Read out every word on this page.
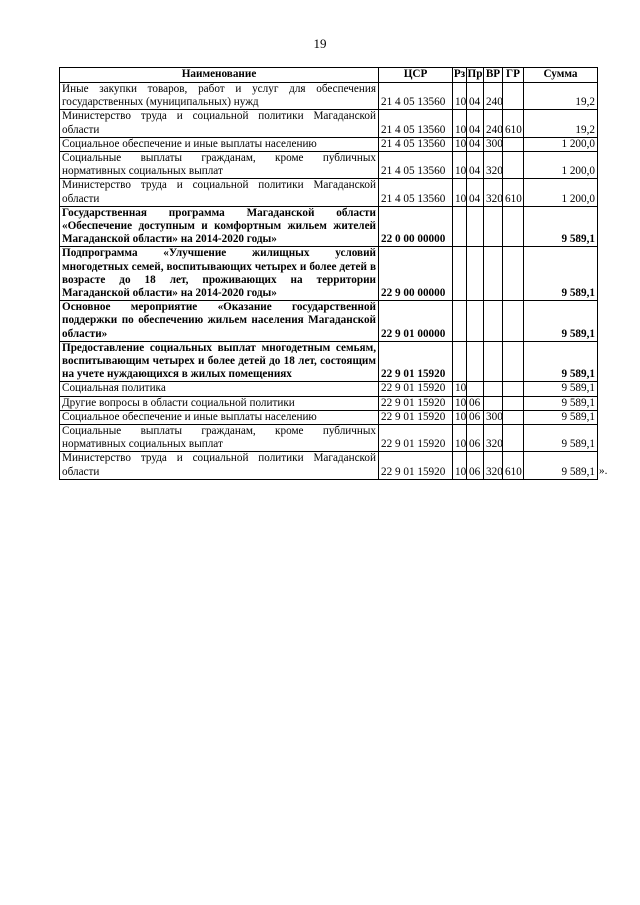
19
Наименование	ЦСР	Рз	Пр	ВР	ГР	Сумма
Иные закупки товаров, работ и услуг для обеспечения государственных (муниципальных) нужд	21 4 05 13560	10	04	240		19,2
Министерство труда и социальной политики Магаданской области	21 4 05 13560	10	04	240	610	19,2
Социальное обеспечение и иные выплаты населению	21 4 05 13560	10	04	300		1 200,0
Социальные выплаты гражданам, кроме публичных нормативных социальных выплат	21 4 05 13560	10	04	320		1 200,0
Министерство труда и социальной политики Магаданской области	21 4 05 13560	10	04	320	610	1 200,0
Государственная программа Магаданской области «Обеспечение доступным и комфортным жильем жителей Магаданской области» на 2014-2020 годы»	22 0 00 00000					9 589,1
Подпрограмма «Улучшение жилищных условий многодетных семей, воспитывающих четырех и более детей в возрасте до 18 лет, проживающих на территории Магаданской области» на 2014-2020 годы»	22 9 00 00000					9 589,1
Основное мероприятие «Оказание государственной поддержки по обеспечению жильем населения Магаданской области»	22 9 01 00000					9 589,1
Предоставление социальных выплат многодетным семьям, воспитывающим четырех и более детей до 18 лет, состоящим на учете нуждающихся в жилых помещениях	22 9 01 15920					9 589,1
Социальная политика	22 9 01 15920	10				9 589,1
Другие вопросы в области социальной политики	22 9 01 15920	10	06			9 589,1
Социальное обеспечение и иные выплаты населению	22 9 01 15920	10	06	300		9 589,1
Социальные выплаты гражданам, кроме публичных нормативных социальных выплат	22 9 01 15920	10	06	320		9 589,1
Министерство труда и социальной политики Магаданской области	22 9 01 15920	10	06	320	610	9 589,1 ».
